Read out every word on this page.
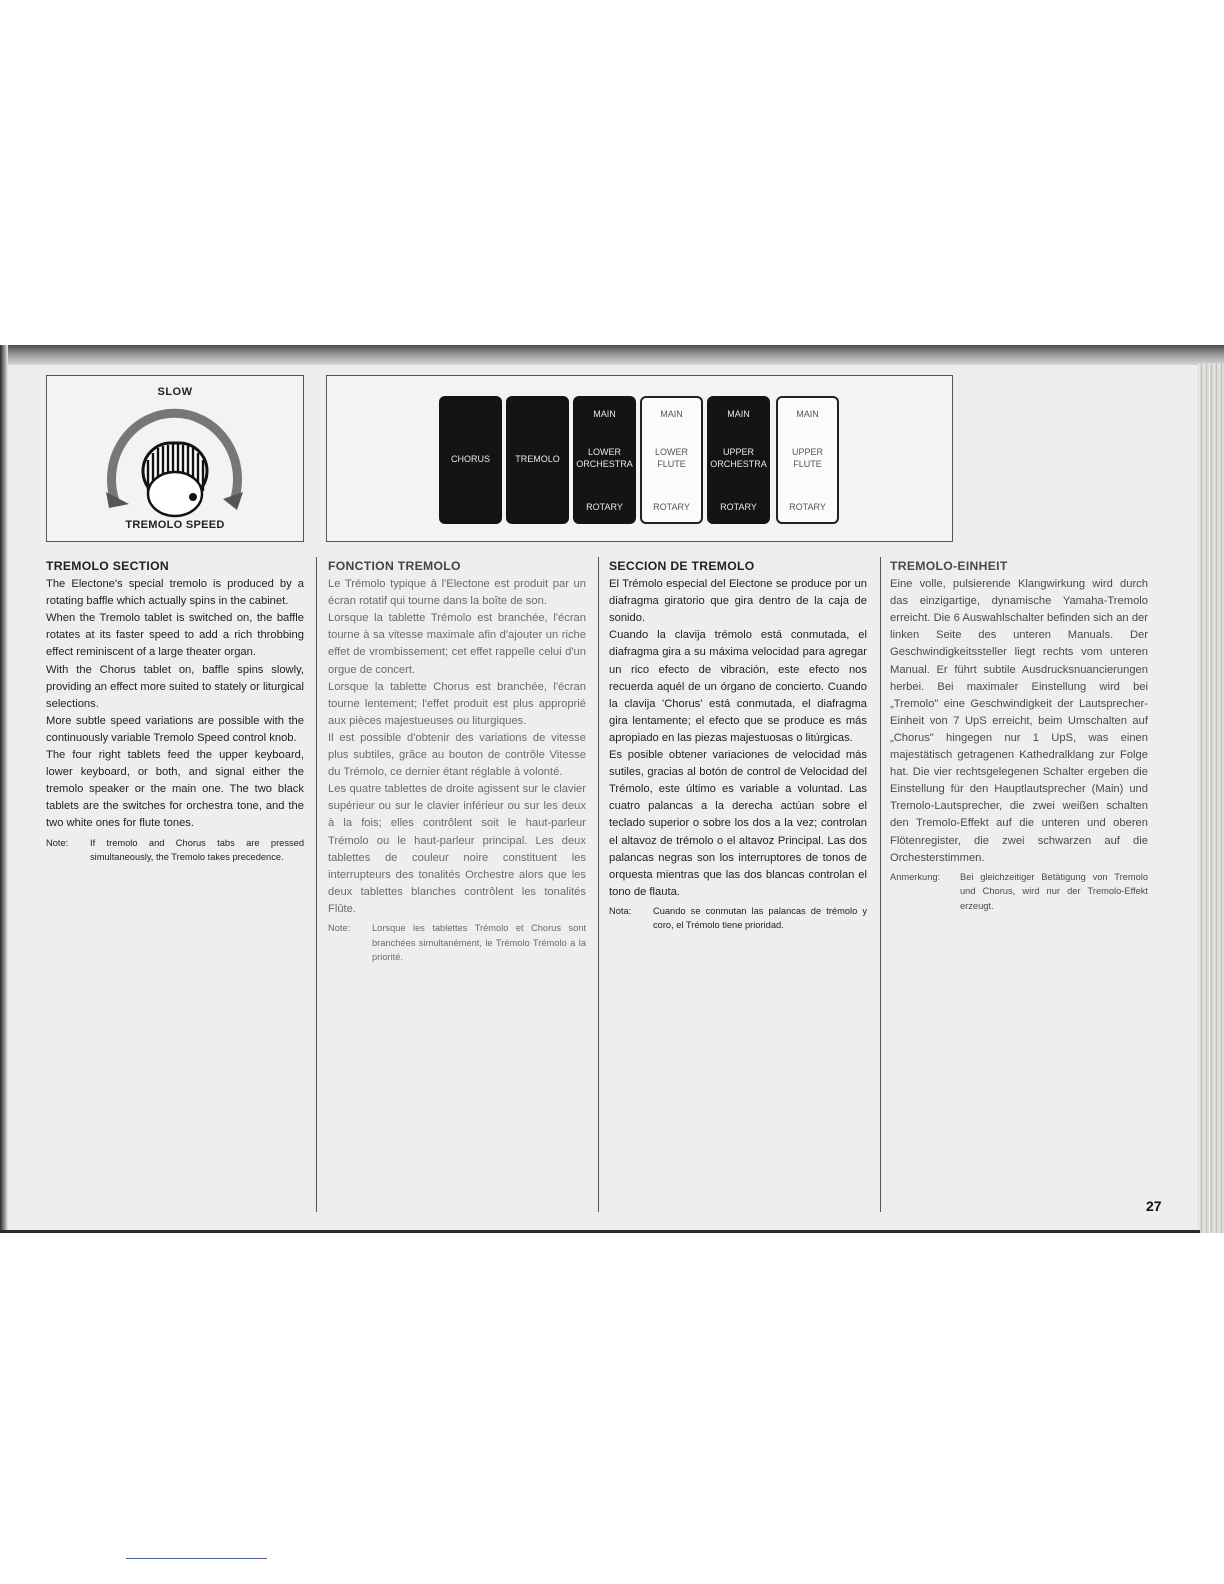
SLOW
TREMOLO SPEED
CHORUS	TREMOLO
MAIN
LOWER
ORCHESTRA
ROTARY
MAIN
LOWER
FLUTE
ROTARY
MAIN
UPPER
ORCHESTRA
ROTARY
MAIN
UPPER
FLUTE
ROTARY
TREMOLO SECTION

The Electone's special tremolo is produced by a rotating baffle which actually spins in the cabinet.

When the Tremolo tablet is switched on, the baffle rotates at its faster speed to add a rich throbbing effect reminiscent of a large theater organ.

With the Chorus tablet on, baffle spins slowly, providing an effect more suited to stately or liturgical selections.

More subtle speed variations are possible with the continuously variable Tremolo Speed control knob.

The four right tablets feed the upper keyboard, lower keyboard, or both, and signal either the tremolo speaker or the main one. The two black tablets are the switches for orchestra tone, and the two white ones for flute tones.

Note:	If tremolo and Chorus tabs are pressed simultaneously, the Tremolo takes precedence.
FONCTION TREMOLO

Le Trémolo typique à l'Electone est produit par un écran rotatif qui tourne dans la boîte de son.

Lorsque la tablette Trémolo est branchée, l'écran tourne à sa vitesse maximale afin d'ajouter un riche effet de vrombissement; cet effet rappelle celui d'un orgue de concert.

Lorsque la tablette Chorus est branchée, l'écran tourne lentement; l'effet produit est plus approprié aux pièces majestueuses ou liturgiques.

Il est possible d'obtenir des variations de vitesse plus subtiles, grâce au bouton de contrôle Vitesse du Trémolo, ce dernier étant réglable à volonté.

Les quatre tablettes de droite agissent sur le clavier supérieur ou sur le clavier inférieur ou sur les deux à la fois; elles contrôlent soit le haut-parleur Trémolo ou le haut-parleur principal. Les deux tablettes de couleur noire constituent les interrupteurs des tonalités Orchestre alors que les deux tablettes blanches contrôlent les tonalités Flûte.

Note:	Lorsque les tablettes Trémolo et Chorus sont branchées simultanément, le Trémolo Trémolo a la priorité.
SECCION DE TREMOLO

El Trémolo especial del Electone se produce por un diafragma giratorio que gira dentro de la caja de sonido.

Cuando la clavija trémolo está conmutada, el diafragma gira a su máxima velocidad para agregar un rico efecto de vibración, este efecto nos recuerda aquél de un órgano de concierto. Cuando la clavija 'Chorus' está conmutada, el diafragma gira lentamente; el efecto que se produce es más apropiado en las piezas majestuosas o litúrgicas.

Es posible obtener variaciones de velocidad más sutiles, gracias al botón de control de Velocidad del Trémolo, este último es variable a voluntad. Las cuatro palancas a la derecha actúan sobre el teclado superior o sobre los dos a la vez; controlan el altavoz de trémolo o el altavoz Principal. Las dos palancas negras son los interruptores de tonos de orquesta mientras que las dos blancas controlan el tono de flauta.

Nota:	Cuando se conmutan las palancas de trémolo y coro, el Trémolo tiene prioridad.
TREMOLO-EINHEIT

Eine volle, pulsierende Klangwirkung wird durch das einzigartige, dynamische Yamaha-Tremolo erreicht. Die 6 Auswahlschalter befinden sich an der linken Seite des unteren Manuals. Der Geschwindigkeitssteller liegt rechts vom unteren Manual. Er führt subtile Ausdrucksnuancierungen herbei. Bei maximaler Einstellung wird bei „Tremolo" eine Geschwindigkeit der Lautsprecher-Einheit von 7 UpS erreicht, beim Umschalten auf „Chorus" hingegen nur 1 UpS, was einen majestätisch getragenen Kathedralklang zur Folge hat. Die vier rechtsgelegenen Schalter ergeben die Einstellung für den Hauptlautsprecher (Main) und Tremolo-Lautsprecher, die zwei weißen schalten den Tremolo-Effekt auf die unteren und oberen Flötenregister, die zwei schwarzen auf die Orchesterstimmen.

Anmerkung:	Bei gleichzeitiger Betätigung von Tremolo und Chorus, wird nur der Tremolo-Effekt erzeugt.
27
